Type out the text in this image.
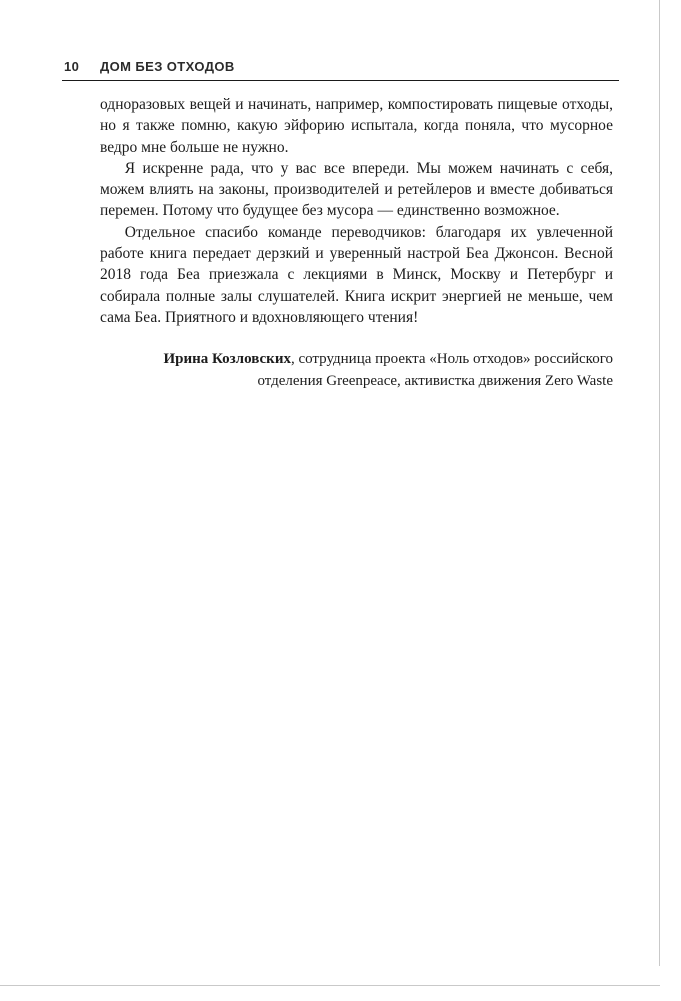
10	ДОМ БЕЗ ОТХОДОВ

одноразовых вещей и начинать, например, компостировать пищевые отходы, но я также помню, какую эйфорию испытала, когда поняла, что мусорное ведро мне больше не нужно.

Я искренне рада, что у вас все впереди. Мы можем начинать с себя, можем влиять на законы, производителей и ретейлеров и вместе добиваться перемен. Потому что будущее без мусора — единственно возможное.

Отдельное спасибо команде переводчиков: благодаря их увлеченной работе книга передает дерзкий и уверенный настрой Беа Джонсон. Весной 2018 года Беа приезжала с лекциями в Минск, Москву и Петербург и собирала полные залы слушателей. Книга искрит энергией не меньше, чем сама Беа. Приятного и вдохновляющего чтения!

Ирина Козловских, сотрудница проекта «Ноль отходов» российского отделения Greenpeace, активистка движения Zero Waste
